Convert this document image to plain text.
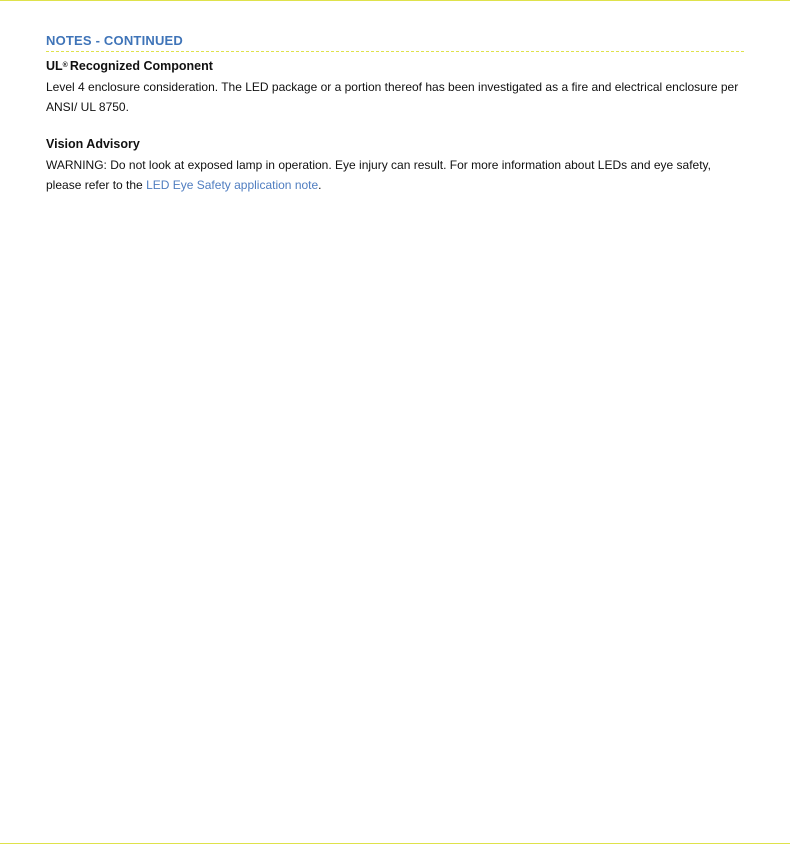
NOTES - CONTINUED
UL® Recognized Component

Level 4 enclosure consideration. The LED package or a portion thereof has been investigated as a fire and electrical enclosure per ANSI/ UL 8750.

Vision Advisory

WARNING: Do not look at exposed lamp in operation. Eye injury can result. For more information about LEDs and eye safety, please refer to the LED Eye Safety application note.
